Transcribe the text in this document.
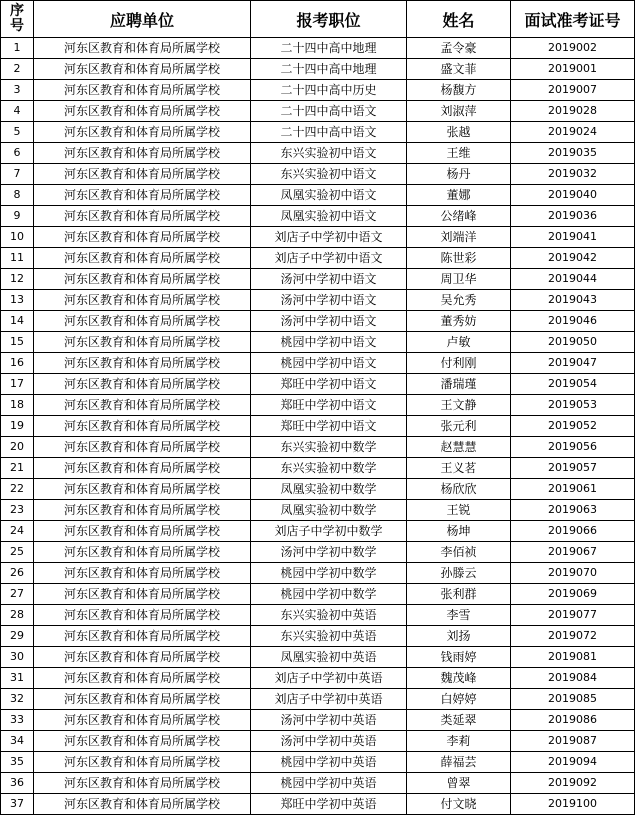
序
号	应聘单位	报考职位	姓名	面试准考证号
1	河东区教育和体育局所属学校	二十四中高中地理	孟令豪	2019002
2	河东区教育和体育局所属学校	二十四中高中地理	盛文菲	2019001
3	河东区教育和体育局所属学校	二十四中高中历史	杨馥方	2019007
4	河东区教育和体育局所属学校	二十四中高中语文	刘淑萍	2019028
5	河东区教育和体育局所属学校	二十四中高中语文	张越	2019024
6	河东区教育和体育局所属学校	东兴实验初中语文	王维	2019035
7	河东区教育和体育局所属学校	东兴实验初中语文	杨丹	2019032
8	河东区教育和体育局所属学校	凤凰实验初中语文	董娜	2019040
9	河东区教育和体育局所属学校	凤凰实验初中语文	公绪峰	2019036
10	河东区教育和体育局所属学校	刘店子中学初中语文	刘端洋	2019041
11	河东区教育和体育局所属学校	刘店子中学初中语文	陈世彩	2019042
12	河东区教育和体育局所属学校	汤河中学初中语文	周卫华	2019044
13	河东区教育和体育局所属学校	汤河中学初中语文	吴允秀	2019043
14	河东区教育和体育局所属学校	汤河中学初中语文	董秀妨	2019046
15	河东区教育和体育局所属学校	桃园中学初中语文	卢敏	2019050
16	河东区教育和体育局所属学校	桃园中学初中语文	付利刚	2019047
17	河东区教育和体育局所属学校	郑旺中学初中语文	潘瑞瑾	2019054
18	河东区教育和体育局所属学校	郑旺中学初中语文	王文静	2019053
19	河东区教育和体育局所属学校	郑旺中学初中语文	张元利	2019052
20	河东区教育和体育局所属学校	东兴实验初中数学	赵慧慧	2019056
21	河东区教育和体育局所属学校	东兴实验初中数学	王义茗	2019057
22	河东区教育和体育局所属学校	凤凰实验初中数学	杨欣欣	2019061
23	河东区教育和体育局所属学校	凤凰实验初中数学	王锐	2019063
24	河东区教育和体育局所属学校	刘店子中学初中数学	杨坤	2019066
25	河东区教育和体育局所属学校	汤河中学初中数学	李佰祯	2019067
26	河东区教育和体育局所属学校	桃园中学初中数学	孙滕云	2019070
27	河东区教育和体育局所属学校	桃园中学初中数学	张利群	2019069
28	河东区教育和体育局所属学校	东兴实验初中英语	李雪	2019077
29	河东区教育和体育局所属学校	东兴实验初中英语	刘扬	2019072
30	河东区教育和体育局所属学校	凤凰实验初中英语	钱雨婷	2019081
31	河东区教育和体育局所属学校	刘店子中学初中英语	魏茂峰	2019084
32	河东区教育和体育局所属学校	刘店子中学初中英语	白婷婷	2019085
33	河东区教育和体育局所属学校	汤河中学初中英语	类延翠	2019086
34	河东区教育和体育局所属学校	汤河中学初中英语	李莉	2019087
35	河东区教育和体育局所属学校	桃园中学初中英语	薛福芸	2019094
36	河东区教育和体育局所属学校	桃园中学初中英语	曾翠	2019092
37	河东区教育和体育局所属学校	郑旺中学初中英语	付文晓	2019100
